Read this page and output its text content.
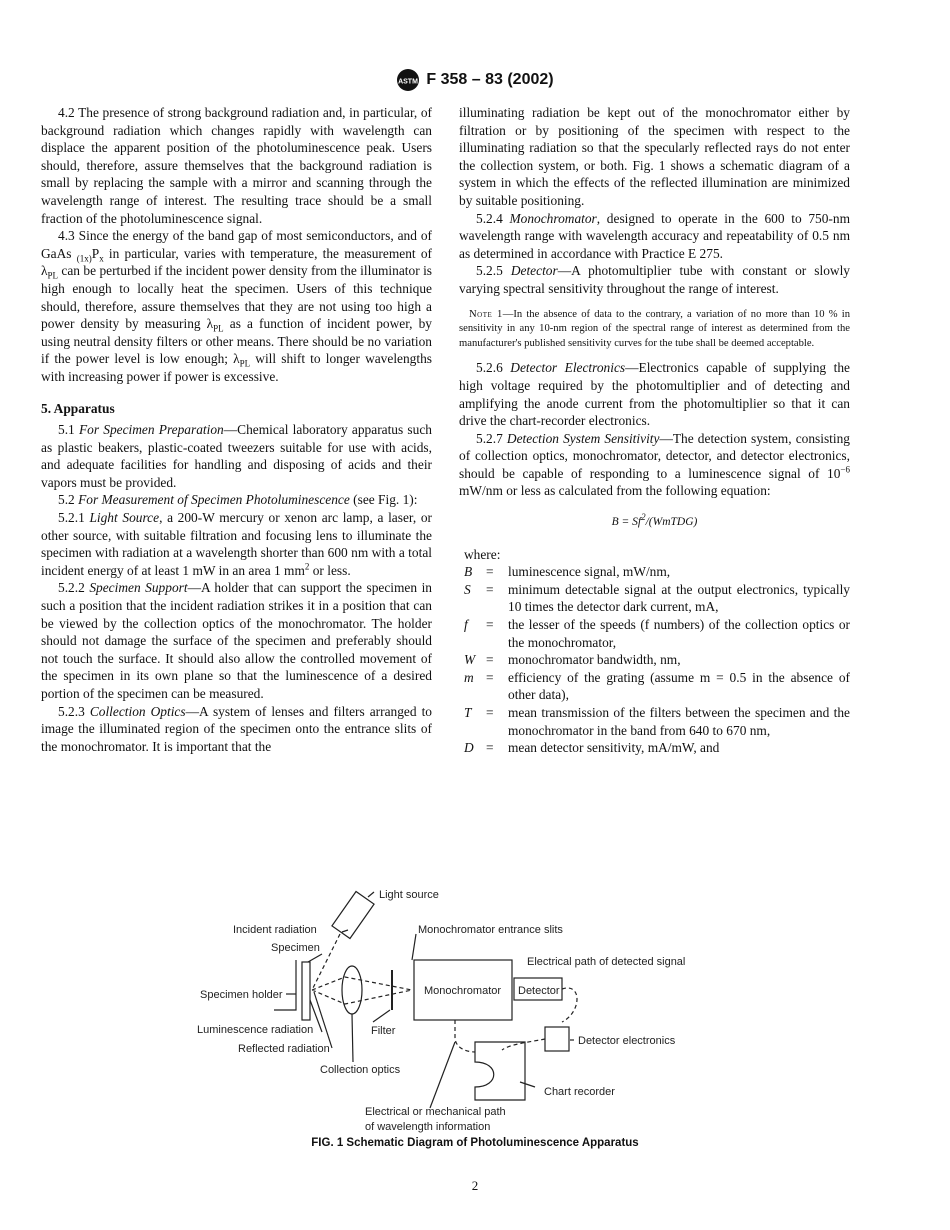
ASTM F 358 – 83 (2002)

4.2 The presence of strong background radiation and, in particular, of background radiation which changes rapidly with wavelength can displace the apparent position of the photoluminescence peak. Users should, therefore, assure themselves that the background radiation is small by replacing the sample with a mirror and scanning through the wavelength range of interest. The resulting trace should be a small fraction of the photoluminescence signal.

4.3 Since the energy of the band gap of most semiconductors, and of GaAs $_{(1x)}P_x$ in particular, varies with temperature, the measurement of $\lambda_{PL}$ can be perturbed if the incident power density from the illuminator is high enough to locally heat the specimen. Users of this technique should, therefore, assure themselves that they are not using too high a power density by measuring $\lambda_{PL}$ as a function of incident power, by using neutral density filters or other means. There should be no variation if the power level is low enough; $\lambda_{PL}$ will shift to longer wavelengths with increasing power if power is excessive.

5. Apparatus

5.1 For Specimen Preparation—Chemical laboratory apparatus such as plastic beakers, plastic-coated tweezers suitable for use with acids, and adequate facilities for handling and disposing of acids and their vapors must be provided.

5.2 For Measurement of Specimen Photoluminescence (see Fig. 1):

5.2.1 Light Source, a 200-W mercury or xenon arc lamp, a laser, or other source, with suitable filtration and focusing lens to illuminate the specimen with radiation at a wavelength shorter than 600 nm with a total incident energy of at least 1 mW in an area 1 $mm^2$ or less.

5.2.2 Specimen Support—A holder that can support the specimen in such a position that the incident radiation strikes it in a position that can be viewed by the collection optics of the monochromator. The holder should not damage the surface of the specimen and preferably should not touch the surface. It should also allow the controlled movement of the specimen in its own plane so that the luminescence of a desired portion of the specimen can be measured.

5.2.3 Collection Optics—A system of lenses and filters arranged to image the illuminated region of the specimen onto the entrance slits of the monochromator. It is important that the

illuminating radiation be kept out of the monochromator either by filtration or by positioning of the specimen with respect to the illuminating radiation so that the specularly reflected rays do not enter the collection system, or both. Fig. 1 shows a schematic diagram of a system in which the effects of the reflected illumination are minimized by suitable positioning.

5.2.4 Monochromator, designed to operate in the 600 to 750-nm wavelength range with wavelength accuracy and repeatability of 0.5 nm as determined in accordance with Practice E 275.

5.2.5 Detector—A photomultiplier tube with constant or slowly varying spectral sensitivity throughout the range of interest.

Note 1—In the absence of data to the contrary, a variation of no more than 10 % in sensitivity in any 10-nm region of the spectral range of interest as determined from the manufacturer's published sensitivity curves for the tube shall be deemed acceptable.

5.2.6 Detector Electronics—Electronics capable of supplying the high voltage required by the photomultiplier and of detecting and amplifying the anode current from the photomultiplier so that it can drive the chart-recorder electronics.

5.2.7 Detection System Sensitivity—The detection system, consisting of collection optics, monochromator, detector, and detector electronics, should be capable of responding to a luminescence signal of $10^{-6}$ mW/nm or less as calculated from the following equation:

$B = Sf^2/(WmTDG)$

where:

B	=	luminescence signal, mW/nm,
S	=	minimum detectable signal at the output electronics, typically 10 times the detector dark current, mA,
f	=	the lesser of the speeds (f numbers) of the collection optics or the monochromator,
W =	monochromator bandwidth, nm,
m =	efficiency of the grating (assume m = 0.5 in the absence of other data),
T	=	mean transmission of the filters between the specimen and the monochromator in the band from 640 to 670 nm,
D =	mean detector sensitivity, mA/mW, and
Light source
Incident radiation
Specimen
Specimen holder
Luminescence radiation
Reflected radiation
Filter
Collection optics
Monochromator entrance slits
Electrical path of detected signal
Monochromator Detector
Detector electronics
Chart recorder
Electrical or mechanical path
of wavelength information
FIG. 1 Schematic Diagram of Photoluminescence Apparatus
2
